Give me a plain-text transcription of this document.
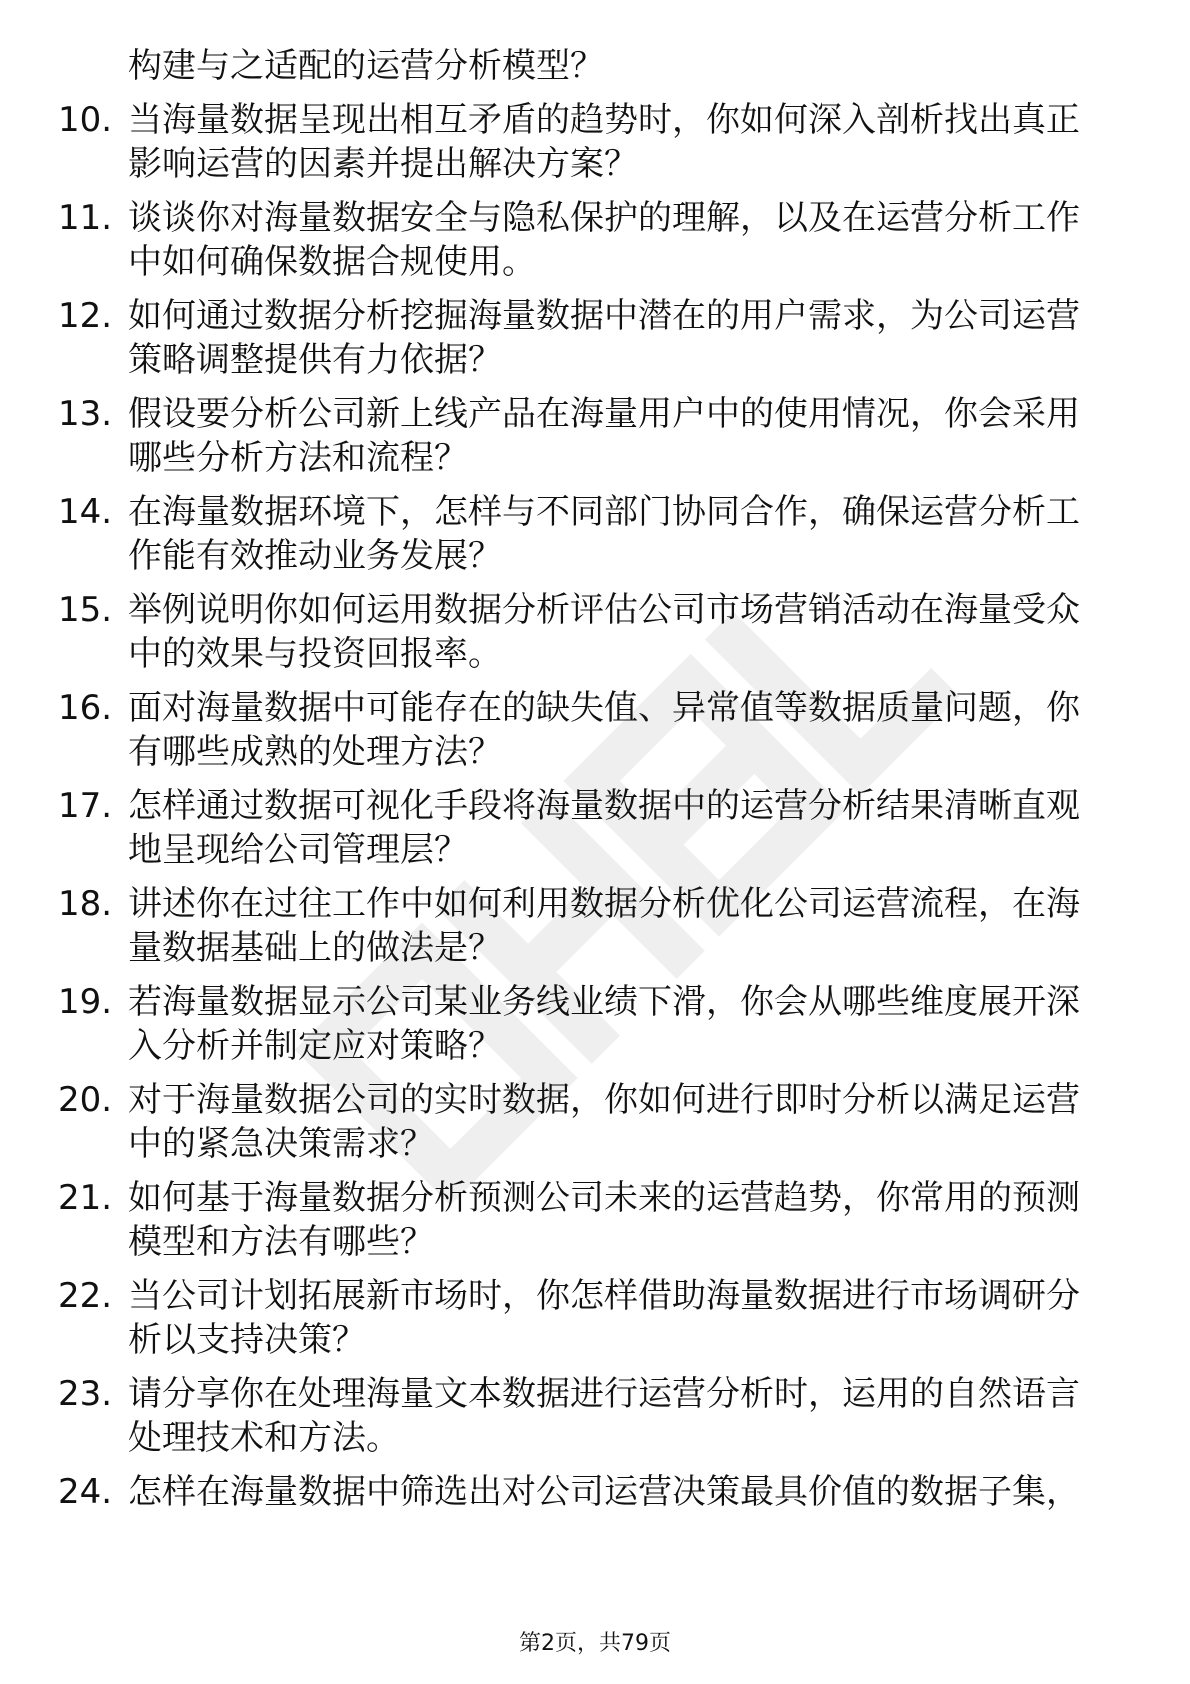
构建与之适配的运营分析模型？
10. 当海量数据呈现出相互矛盾的趋势时，你如何深入剖析找出真正影响运营的因素并提出解决方案？
11. 谈谈你对海量数据安全与隐私保护的理解，以及在运营分析工作中如何确保数据合规使用。
12. 如何通过数据分析挖掘海量数据中潜在的用户需求，为公司运营策略调整提供有力依据？
13. 假设要分析公司新上线产品在海量用户中的使用情况，你会采用哪些分析方法和流程？
14. 在海量数据环境下，怎样与不同部门协同合作，确保运营分析工作能有效推动业务发展？
15. 举例说明你如何运用数据分析评估公司市场营销活动在海量受众中的效果与投资回报率。
16. 面对海量数据中可能存在的缺失值、异常值等数据质量问题，你有哪些成熟的处理方法？
17. 怎样通过数据可视化手段将海量数据中的运营分析结果清晰直观地呈现给公司管理层？
18. 讲述你在过往工作中如何利用数据分析优化公司运营流程，在海量数据基础上的做法是？
19. 若海量数据显示公司某业务线业绩下滑，你会从哪些维度展开深入分析并制定应对策略？
20. 对于海量数据公司的实时数据，你如何进行即时分析以满足运营中的紧急决策需求？
21. 如何基于海量数据分析预测公司未来的运营趋势，你常用的预测模型和方法有哪些？
22. 当公司计划拓展新市场时，你怎样借助海量数据进行市场调研分析以支持决策？
23. 请分享你在处理海量文本数据进行运营分析时，运用的自然语言处理技术和方法。
24. 怎样在海量数据中筛选出对公司运营决策最具价值的数据子集，
第2页，共79页
